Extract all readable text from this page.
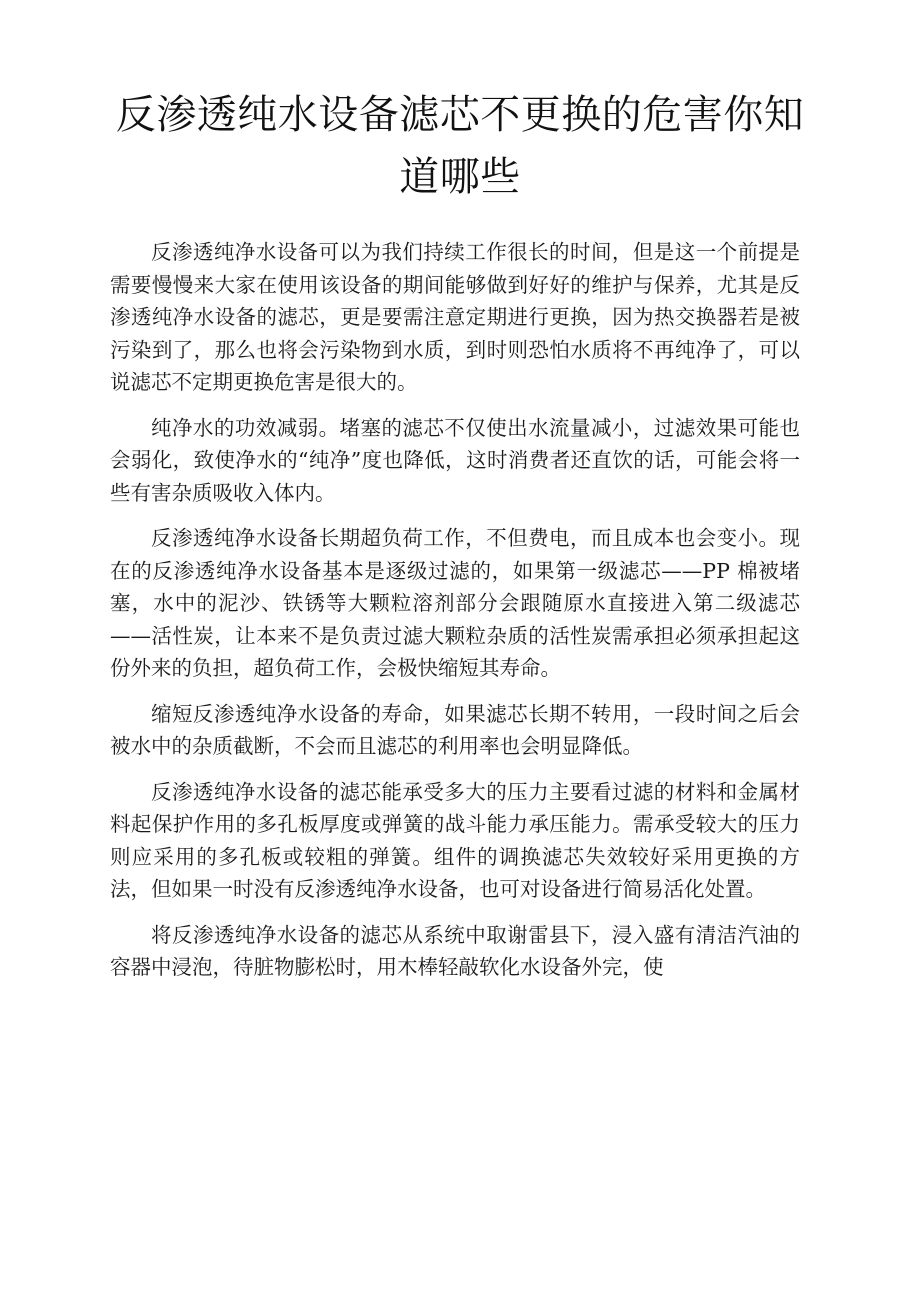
反渗透纯水设备滤芯不更换的危害你知道哪些

反渗透纯净水设备可以为我们持续工作很长的时间，但是这一个前提是需要慢慢来大家在使用该设备的期间能够做到好好的维护与保养，尤其是反渗透纯净水设备的滤芯，更是要需注意定期进行更换，因为热交换器若是被污染到了，那么也将会污染物到水质，到时则恐怕水质将不再纯净了，可以说滤芯不定期更换危害是很大的。

纯净水的功效减弱。堵塞的滤芯不仅使出水流量减小，过滤效果可能也会弱化，致使净水的“纯净”度也降低，这时消费者还直饮的话，可能会将一些有害杂质吸收入体内。

反渗透纯净水设备长期超负荷工作，不但费电，而且成本也会变小。现在的反渗透纯净水设备基本是逐级过滤的，如果第一级滤芯——PP 棉被堵塞，水中的泥沙、铁锈等大颗粒溶剂部分会跟随原水直接进入第二级滤芯——活性炭，让本来不是负责过滤大颗粒杂质的活性炭需承担必须承担起这份外来的负担，超负荷工作，会极快缩短其寿命。

缩短反渗透纯净水设备的寿命，如果滤芯长期不转用，一段时间之后会被水中的杂质截断，不会而且滤芯的利用率也会明显降低。

反渗透纯净水设备的滤芯能承受多大的压力主要看过滤的材料和金属材料起保护作用的多孔板厚度或弹簧的战斗能力承压能力。需承受较大的压力则应采用的多孔板或较粗的弹簧。组件的调换滤芯失效较好采用更换的方法，但如果一时没有反渗透纯净水设备，也可对设备进行简易活化处置。

将反渗透纯净水设备的滤芯从系统中取谢雷县下，浸入盛有清洁汽油的容器中浸泡，待脏物膨松时，用木棒轻敲软化水设备外完，使
